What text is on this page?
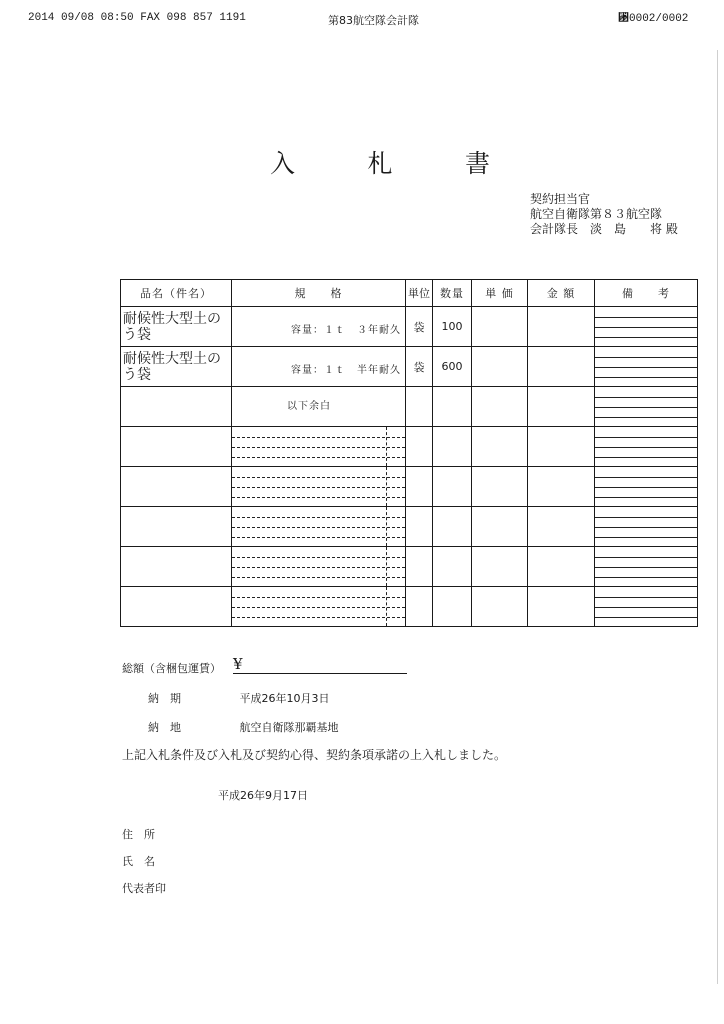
2014 09/08 08:50 FAX 098 857 1191	第83航空隊会計隊	␳0002/0002
入	札	書
契約担当官
航空自衛隊第８３航空隊
会計隊長　淡　島　　将 殿
品名（件名）	規　　格	単位	数量	単 価	金 額	備　　考
耐候性大型土のう袋	容量：１ｔ　３年耐久	袋	100			

耐候性大型土のう袋	容量：１ｔ　半年耐久	袋	600			

	以下余白					

総額（含梱包運賃） ¥
納　期	平成26年10月3日
納　地	航空自衛隊那覇基地
上記入札条件及び入札及び契約心得、契約条項承諾の上入札しました。
平成26年9月17日
住　所
氏　名
代表者印
